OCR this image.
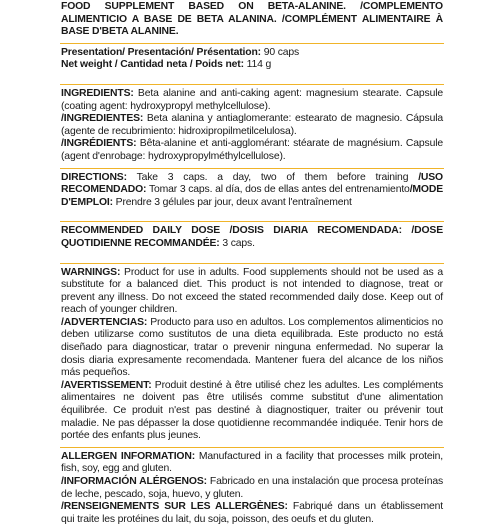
FOOD SUPPLEMENT BASED ON BETA-ALANINE. /COMPLEMENTO ALIMENTICIO A BASE DE BETA ALANINA. /COMPLÉMENT ALIMENTAIRE À BASE D'BETA ALANINE.

Presentation/ Presentación/ Présentation: 90 caps

Net weight / Cantidad neta / Poids net: 114 g

INGREDIENTS: Beta alanine and anti-caking agent: magnesium stearate. Capsule (coating agent: hydroxypropyl methylcellulose).

/INGREDIENTES: Beta alanina y antiaglomerante: estearato de magnesio. Cápsula (agente de recubrimiento: hidroxipropilmetilcelulosa).

/INGRÉDIENTS: Bêta-alanine et anti-agglomérant: stéarate de magnésium. Capsule (agent d'enrobage: hydroxypropylméthylcellulose).

DIRECTIONS: Take 3 caps. a day, two of them before training /USO RECOMENDADO: Tomar 3 caps. al día, dos de ellas antes del entrenamiento/MODE D'EMPLOI: Prendre 3 gélules par jour, deux avant l'entraînement

RECOMMENDED DAILY DOSE /DOSIS DIARIA RECOMENDADA: /DOSE QUOTIDIENNE RECOMMANDÉE: 3 caps.

WARNINGS: Product for use in adults. Food supplements should not be used as a substitute for a balanced diet. This product is not intended to diagnose, treat or prevent any illness. Do not exceed the stated recommended daily dose. Keep out of reach of younger children.

/ADVERTENCIAS: Producto para uso en adultos. Los complementos alimenticios no deben utilizarse como sustitutos de una dieta equilibrada. Este producto no está diseñado para diagnosticar, tratar o prevenir ninguna enfermedad. No superar la dosis diaria expresamente recomendada. Mantener fuera del alcance de los niños más pequeños.

/AVERTISSEMENT: Produit destiné à être utilisé chez les adultes. Les compléments alimentaires ne doivent pas être utilisés comme substitut d'une alimentation équilibrée. Ce produit n'est pas destiné à diagnostiquer, traiter ou prévenir tout maladie. Ne pas dépasser la dose quotidienne recommandée indiquée. Tenir hors de portée des enfants plus jeunes.

ALLERGEN INFORMATION: Manufactured in a facility that processes milk protein, fish, soy, egg and gluten.

/INFORMACIÓN ALÉRGENOS: Fabricado en una instalación que procesa proteínas de leche, pescado, soja, huevo, y gluten.

/RENSEIGNEMENTS SUR LES ALLERGÈNES: Fabriqué dans un établissement qui traite les protéines du lait, du soja, poisson, des oeufs et du gluten.
